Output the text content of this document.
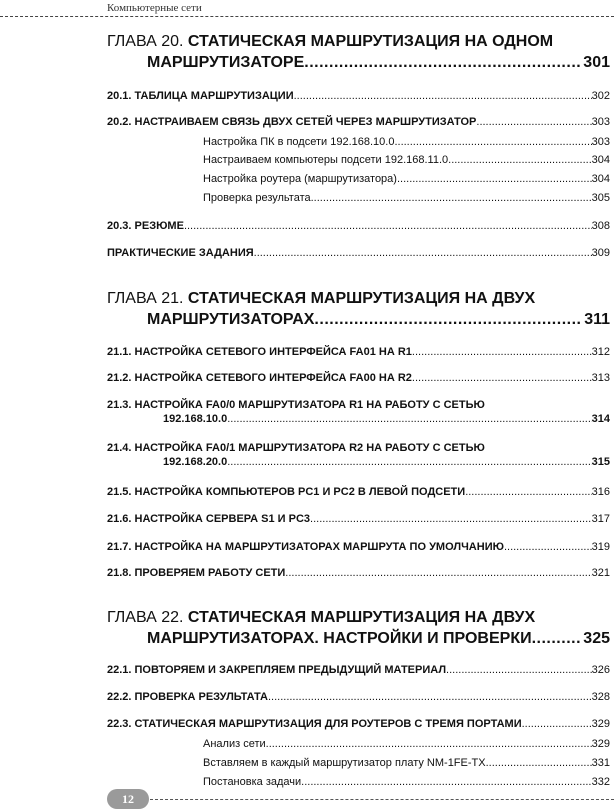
Компьютерные сети
ГЛАВА 20. СТАТИЧЕСКАЯ МАРШРУТИЗАЦИЯ НА ОДНОМ
МАРШРУТИЗАТОРЕ .....	301
20.1. ТАБЛИЦА МАРШРУТИЗАЦИИ .....	302
20.2. НАСТРАИВАЕМ СВЯЗЬ ДВУХ СЕТЕЙ ЧЕРЕЗ МАРШРУТИЗАТОР .....	303
Настройка ПК в подсети 192.168.10.0 .....	303
Настраиваем компьютеры подсети 192.168.11.0 .....	304
Настройка роутера (маршрутизатора) .....	304
Проверка результата .....	305
20.3. РЕЗЮМЕ .....	308
ПРАКТИЧЕСКИЕ ЗАДАНИЯ .....	309
ГЛАВА 21. СТАТИЧЕСКАЯ МАРШРУТИЗАЦИЯ НА ДВУХ
МАРШРУТИЗАТОРАХ .....	311
21.1. НАСТРОЙКА СЕТЕВОГО ИНТЕРФЕЙСА FA01 НА R1 .....	312
21.2. НАСТРОЙКА СЕТЕВОГО ИНТЕРФЕЙСА FA00 НА R2 .....	313
21.3. НАСТРОЙКА FA0/0 МАРШРУТИЗАТОРА R1 НА РАБОТУ С СЕТЬЮ
192.168.10.0 .....	314
21.4. НАСТРОЙКА FA0/1 МАРШРУТИЗАТОРА R2 НА РАБОТУ С СЕТЬЮ
192.168.20.0 .....	315
21.5. НАСТРОЙКА КОМПЬЮТЕРОВ PC1 И PC2 В ЛЕВОЙ ПОДСЕТИ .....	316
21.6. НАСТРОЙКА СЕРВЕРА S1 И PC3 .....	317
21.7. НАСТРОЙКА НА МАРШРУТИЗАТОРАХ МАРШРУТА ПО УМОЛЧАНИЮ .....	319
21.8. ПРОВЕРЯЕМ РАБОТУ СЕТИ .....	321
ГЛАВА 22. СТАТИЧЕСКАЯ МАРШРУТИЗАЦИЯ НА ДВУХ
МАРШРУТИЗАТОРАХ. НАСТРОЙКИ И ПРОВЕРКИ .....	325
22.1. ПОВТОРЯЕМ И ЗАКРЕПЛЯЕМ ПРЕДЫДУЩИЙ МАТЕРИАЛ .....	326
22.2. ПРОВЕРКА РЕЗУЛЬТАТА .....	328
22.3. СТАТИЧЕСКАЯ МАРШРУТИЗАЦИЯ ДЛЯ РОУТЕРОВ С ТРЕМЯ ПОРТАМИ .....	329
Анализ сети .....	329
Вставляем в каждый маршрутизатор плату NM-1FE-TX .....	331
Постановка задачи .....	332
12
